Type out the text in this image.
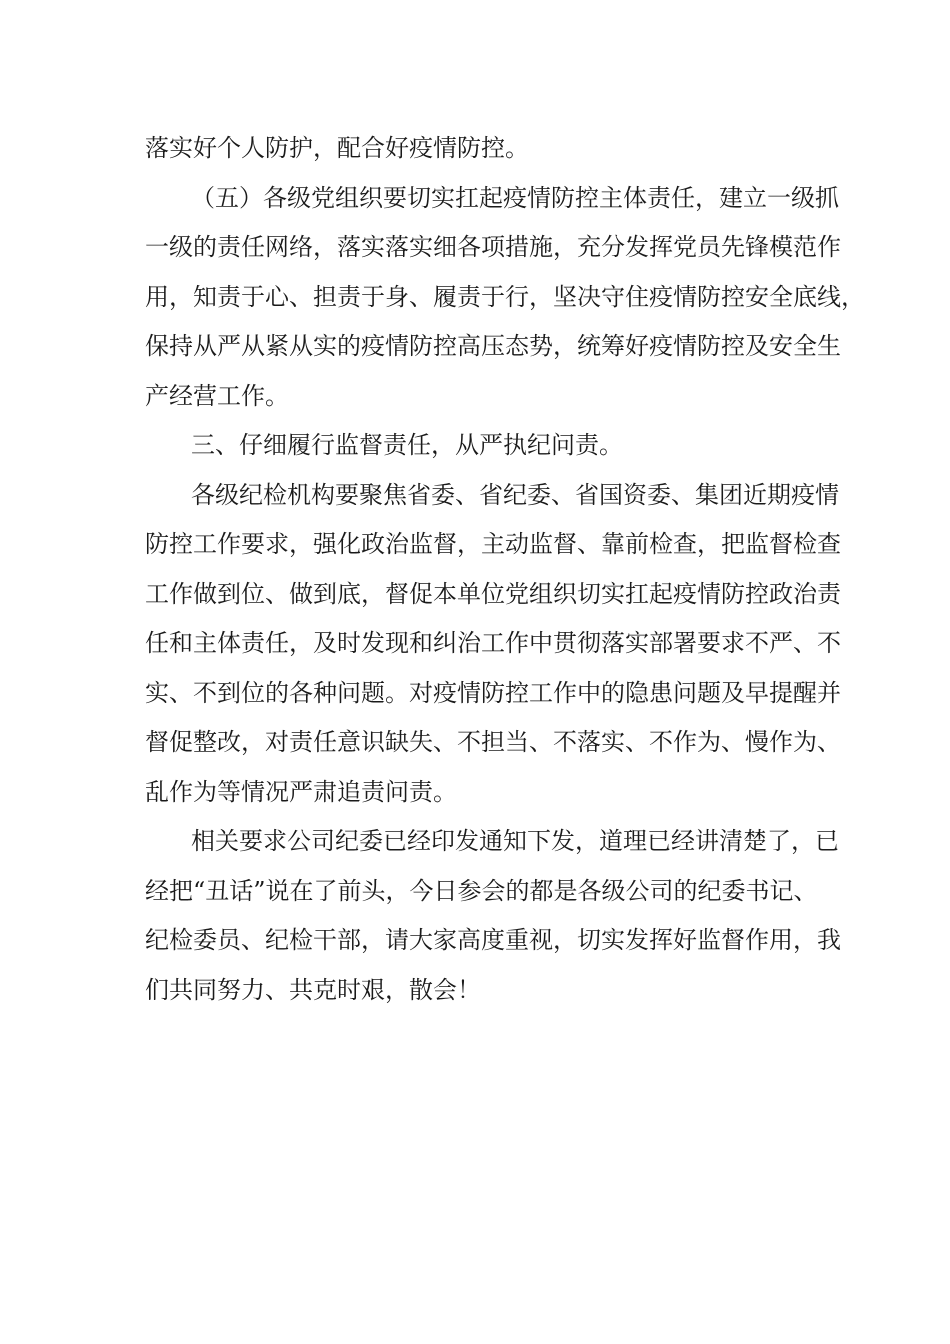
落实好个人防护，配合好疫情防控。
（五）各级党组织要切实扛起疫情防控主体责任，建立一级抓
一级的责任网络，落实落实细各项措施，充分发挥党员先锋模范作
用，知责于心、担责于身、履责于行，坚决守住疫情防控安全底线，
保持从严从紧从实的疫情防控高压态势，统筹好疫情防控及安全生
产经营工作。
三、仔细履行监督责任，从严执纪问责。
各级纪检机构要聚焦省委、省纪委、省国资委、集团近期疫情
防控工作要求，强化政治监督，主动监督、靠前检查，把监督检查
工作做到位、做到底，督促本单位党组织切实扛起疫情防控政治责
任和主体责任，及时发现和纠治工作中贯彻落实部署要求不严、不
实、不到位的各种问题。对疫情防控工作中的隐患问题及早提醒并
督促整改，对责任意识缺失、不担当、不落实、不作为、慢作为、
乱作为等情况严肃追责问责。
相关要求公司纪委已经印发通知下发，道理已经讲清楚了，已
经把“丑话”说在了前头，今日参会的都是各级公司的纪委书记、
纪检委员、纪检干部，请大家高度重视，切实发挥好监督作用，我
们共同努力、共克时艰，散会！
